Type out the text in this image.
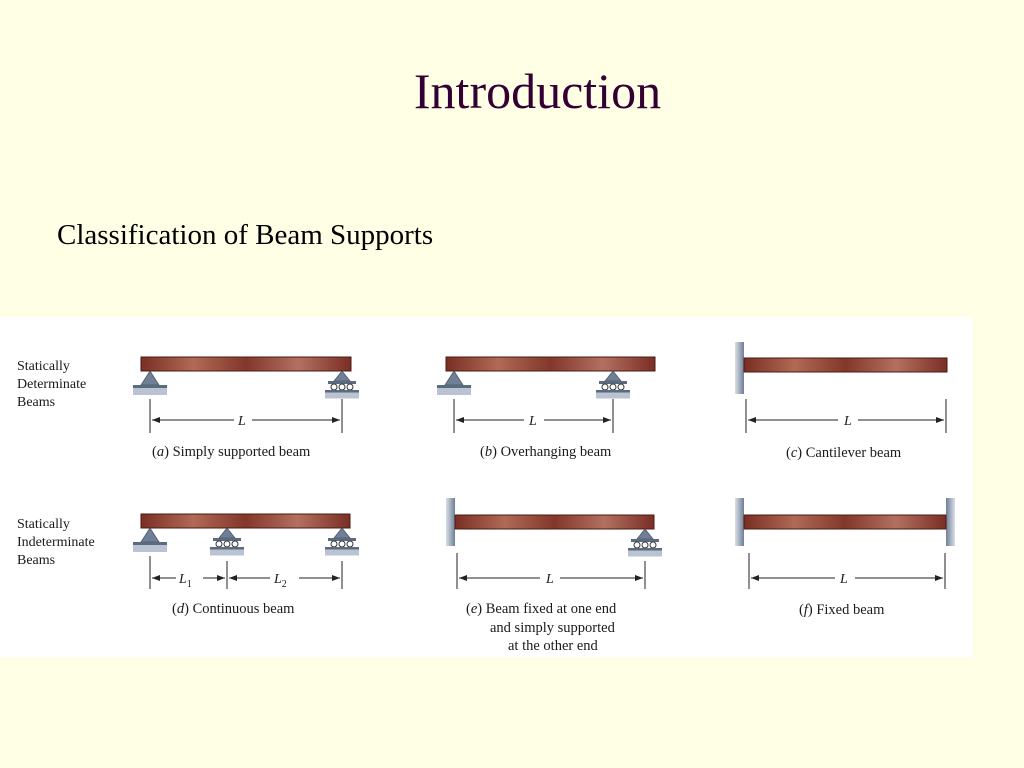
Introduction
Classification of Beam Supports
Statically Determinate Beams
Statically Indeterminate Beams
L
(a) Simply supported beam
L
(b) Overhanging beam
L
(c) Cantilever beam
$L_1$	$L_2$
(d) Continuous beam
L
(e) Beam fixed at one end
and simply supported
at the other end
L
(f) Fixed beam
